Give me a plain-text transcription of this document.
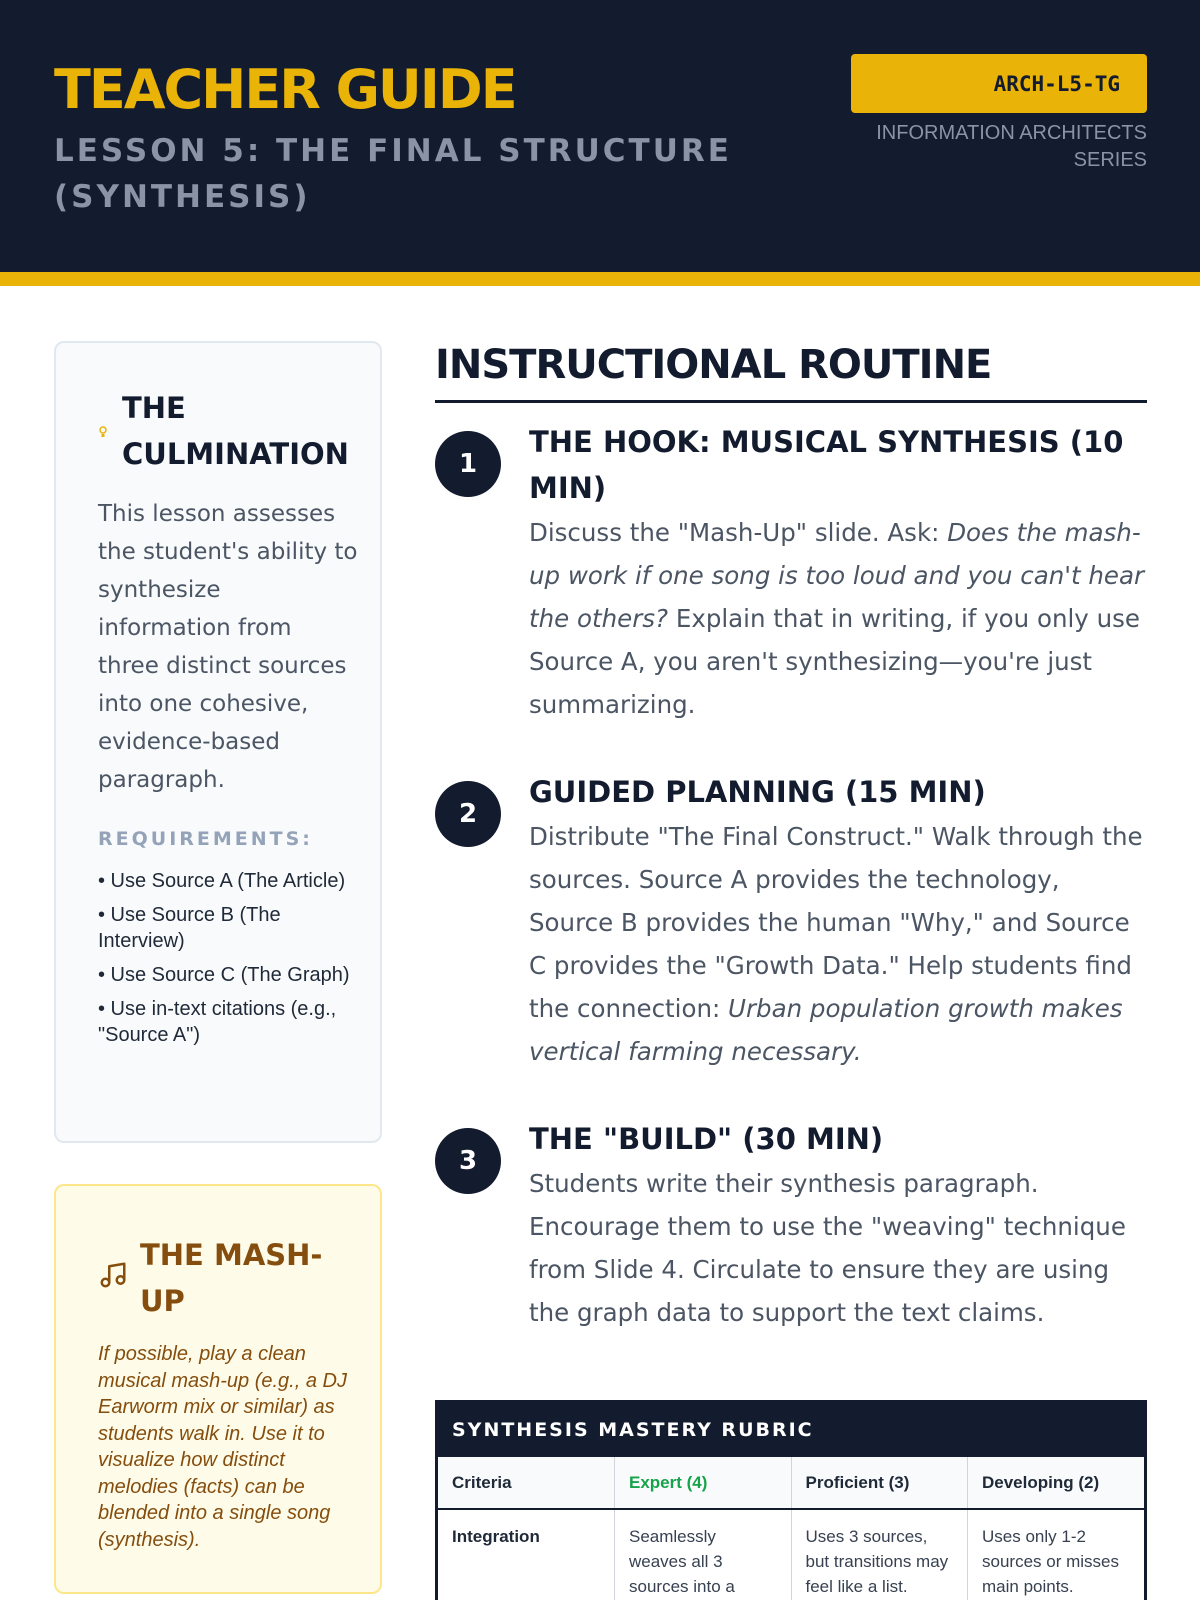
TEACHER GUIDE
LESSON 5: THE FINAL STRUCTURE (SYNTHESIS)
ARCH-L5-TG
INFORMATION ARCHITECTS SERIES
THE CULMINATION
This lesson assesses the student's ability to synthesize information from three distinct sources into one cohesive, evidence-based paragraph.
REQUIREMENTS:
• Use Source A (The Article)
• Use Source B (The Interview)
• Use Source C (The Graph)
• Use in-text citations (e.g., "Source A")
THE MASH-UP
If possible, play a clean musical mash-up (e.g., a DJ Earworm mix or similar) as students walk in. Use it to visualize how distinct melodies (facts) can be blended into a single song (synthesis).
INSTRUCTIONAL ROUTINE
1
THE HOOK: MUSICAL SYNTHESIS (10 MIN)
Discuss the "Mash-Up" slide. Ask: Does the mash-up work if one song is too loud and you can't hear the others? Explain that in writing, if you only use Source A, you aren't synthesizing—you're just summarizing.
2
GUIDED PLANNING (15 MIN)
Distribute "The Final Construct." Walk through the sources. Source A provides the technology, Source B provides the human "Why," and Source C provides the "Growth Data." Help students find the connection: Urban population growth makes vertical farming necessary.
3
THE "BUILD" (30 MIN)
Students write their synthesis paragraph. Encourage them to use the "weaving" technique from Slide 4. Circulate to ensure they are using the graph data to support the text claims.
SYNTHESIS MASTERY RUBRIC
Criteria	Expert (4)	Proficient (3)	Developing (2)
Integration	Seamlessly weaves all 3 sources into a	Uses 3 sources, but transitions may feel like a list.	Uses only 1-2 sources or misses main points.
